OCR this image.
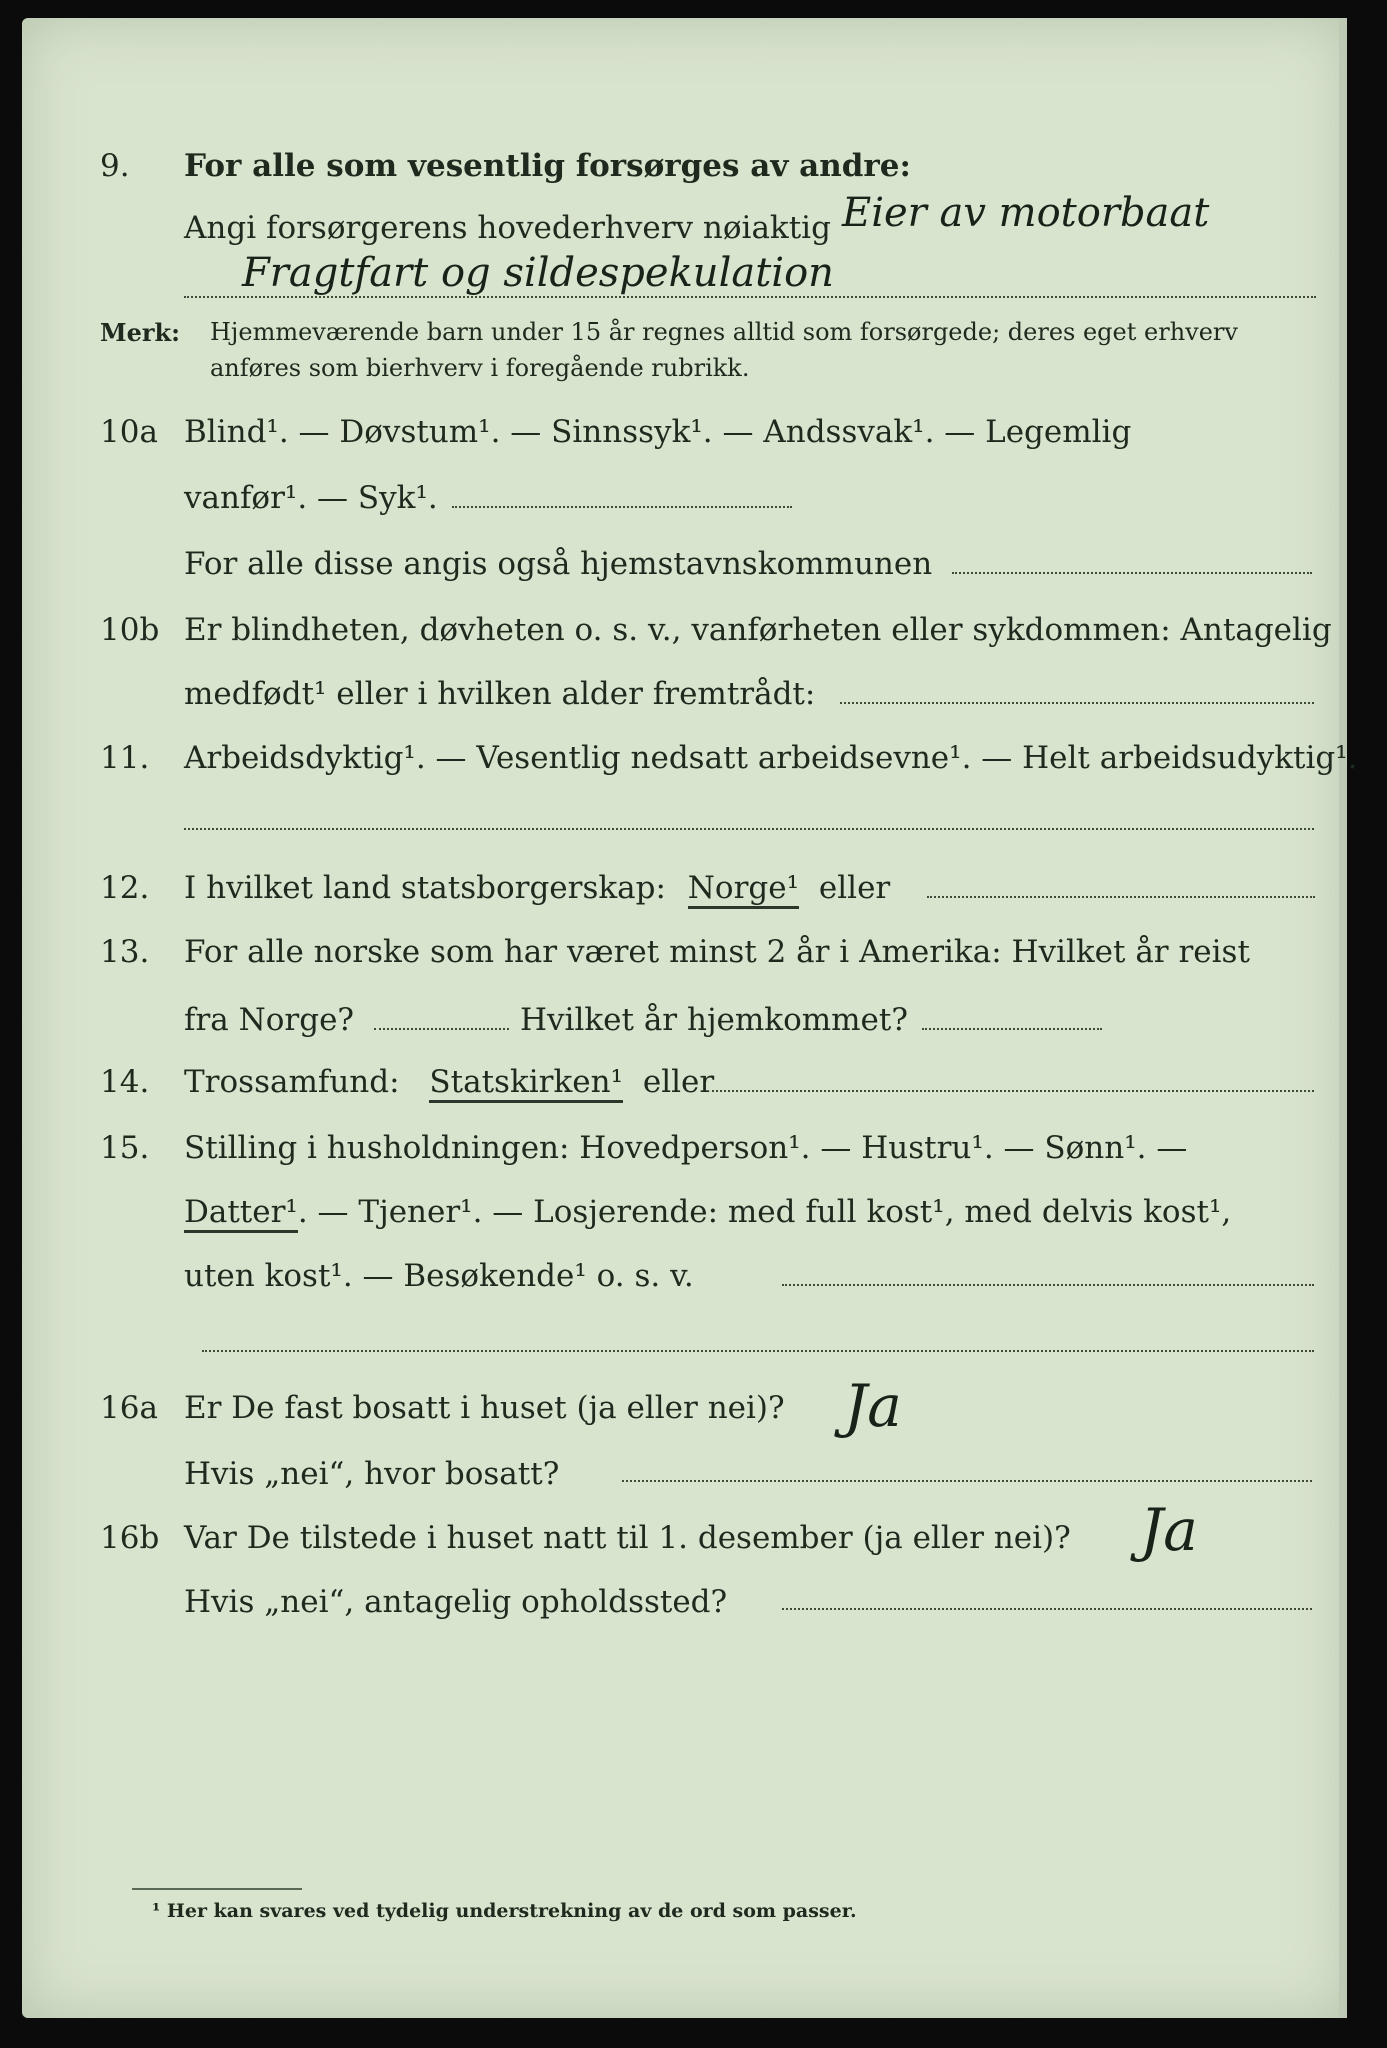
9.	For alle som vesentlig forsørges av andre:
Angi forsørgerens hovederhverv nøiaktig Eier av motorbaat
Fragtfart og sildespekulation
Merk: Hjemmeværende barn under 15 år regnes alltid som forsørgede; deres eget erhverv
anføres som bierhverv i foregående rubrikk.
10a Blind¹. — Døvstum¹. — Sinnssyk¹. — Andssvak¹. — Legemlig
vanfør¹. — Syk¹.
For alle disse angis også hjemstavnskommunen
10b Er blindheten, døvheten o. s. v., vanførheten eller sykdommen: Antagelig
medfødt¹ eller i hvilken alder fremtrådt:
11.	Arbeidsdyktig¹. — Vesentlig nedsatt arbeidsevne¹. — Helt arbeidsudyktig¹.
12.	I hvilket land statsborgerskap: Norge¹ eller
13.	For alle norske som har været minst 2 år i Amerika: Hvilket år reist
fra Norge?	Hvilket år hjemkommet?
14.	Trossamfund: Statskirken¹ eller
15.	Stilling i husholdningen: Hovedperson¹. — Hustru¹. — Sønn¹. —
Datter¹. — Tjener¹. — Losjerende: med full kost¹, med delvis kost¹,
uten kost¹. — Besøkende¹ o. s. v.
16a Er De fast bosatt i huset (ja eller nei)? Ja
Hvis „nei“, hvor bosatt?
16b Var De tilstede i huset natt til 1. desember (ja eller nei)? Ja
Hvis „nei“, antagelig opholdssted?
¹ Her kan svares ved tydelig understrekning av de ord som passer.
